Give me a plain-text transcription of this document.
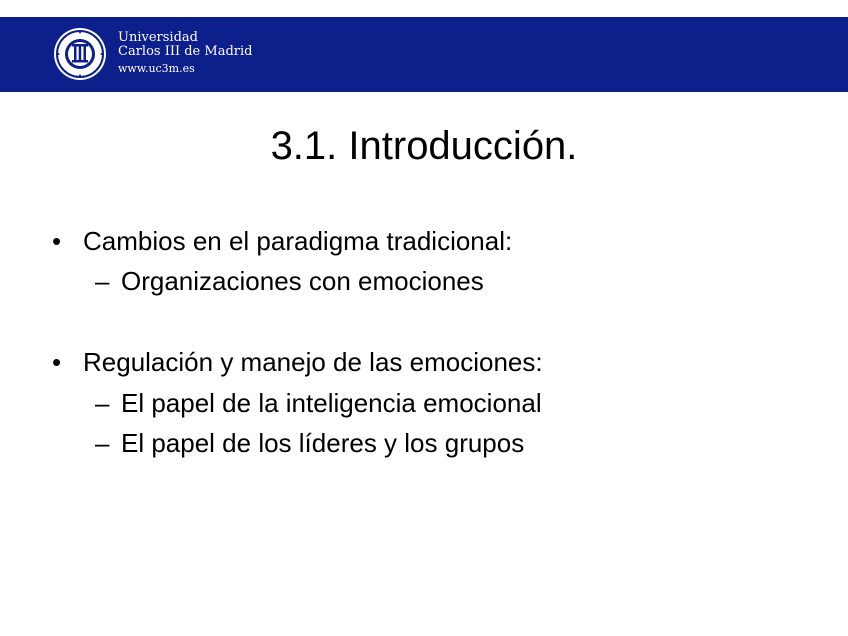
Universidad
Carlos III de Madrid
www.uc3m.es
3.1. Introducción.
• Cambios en el paradigma tradicional:
– Organizaciones con emociones
• Regulación y manejo de las emociones:
– El papel de la inteligencia emocional
– El papel de los líderes y los grupos
